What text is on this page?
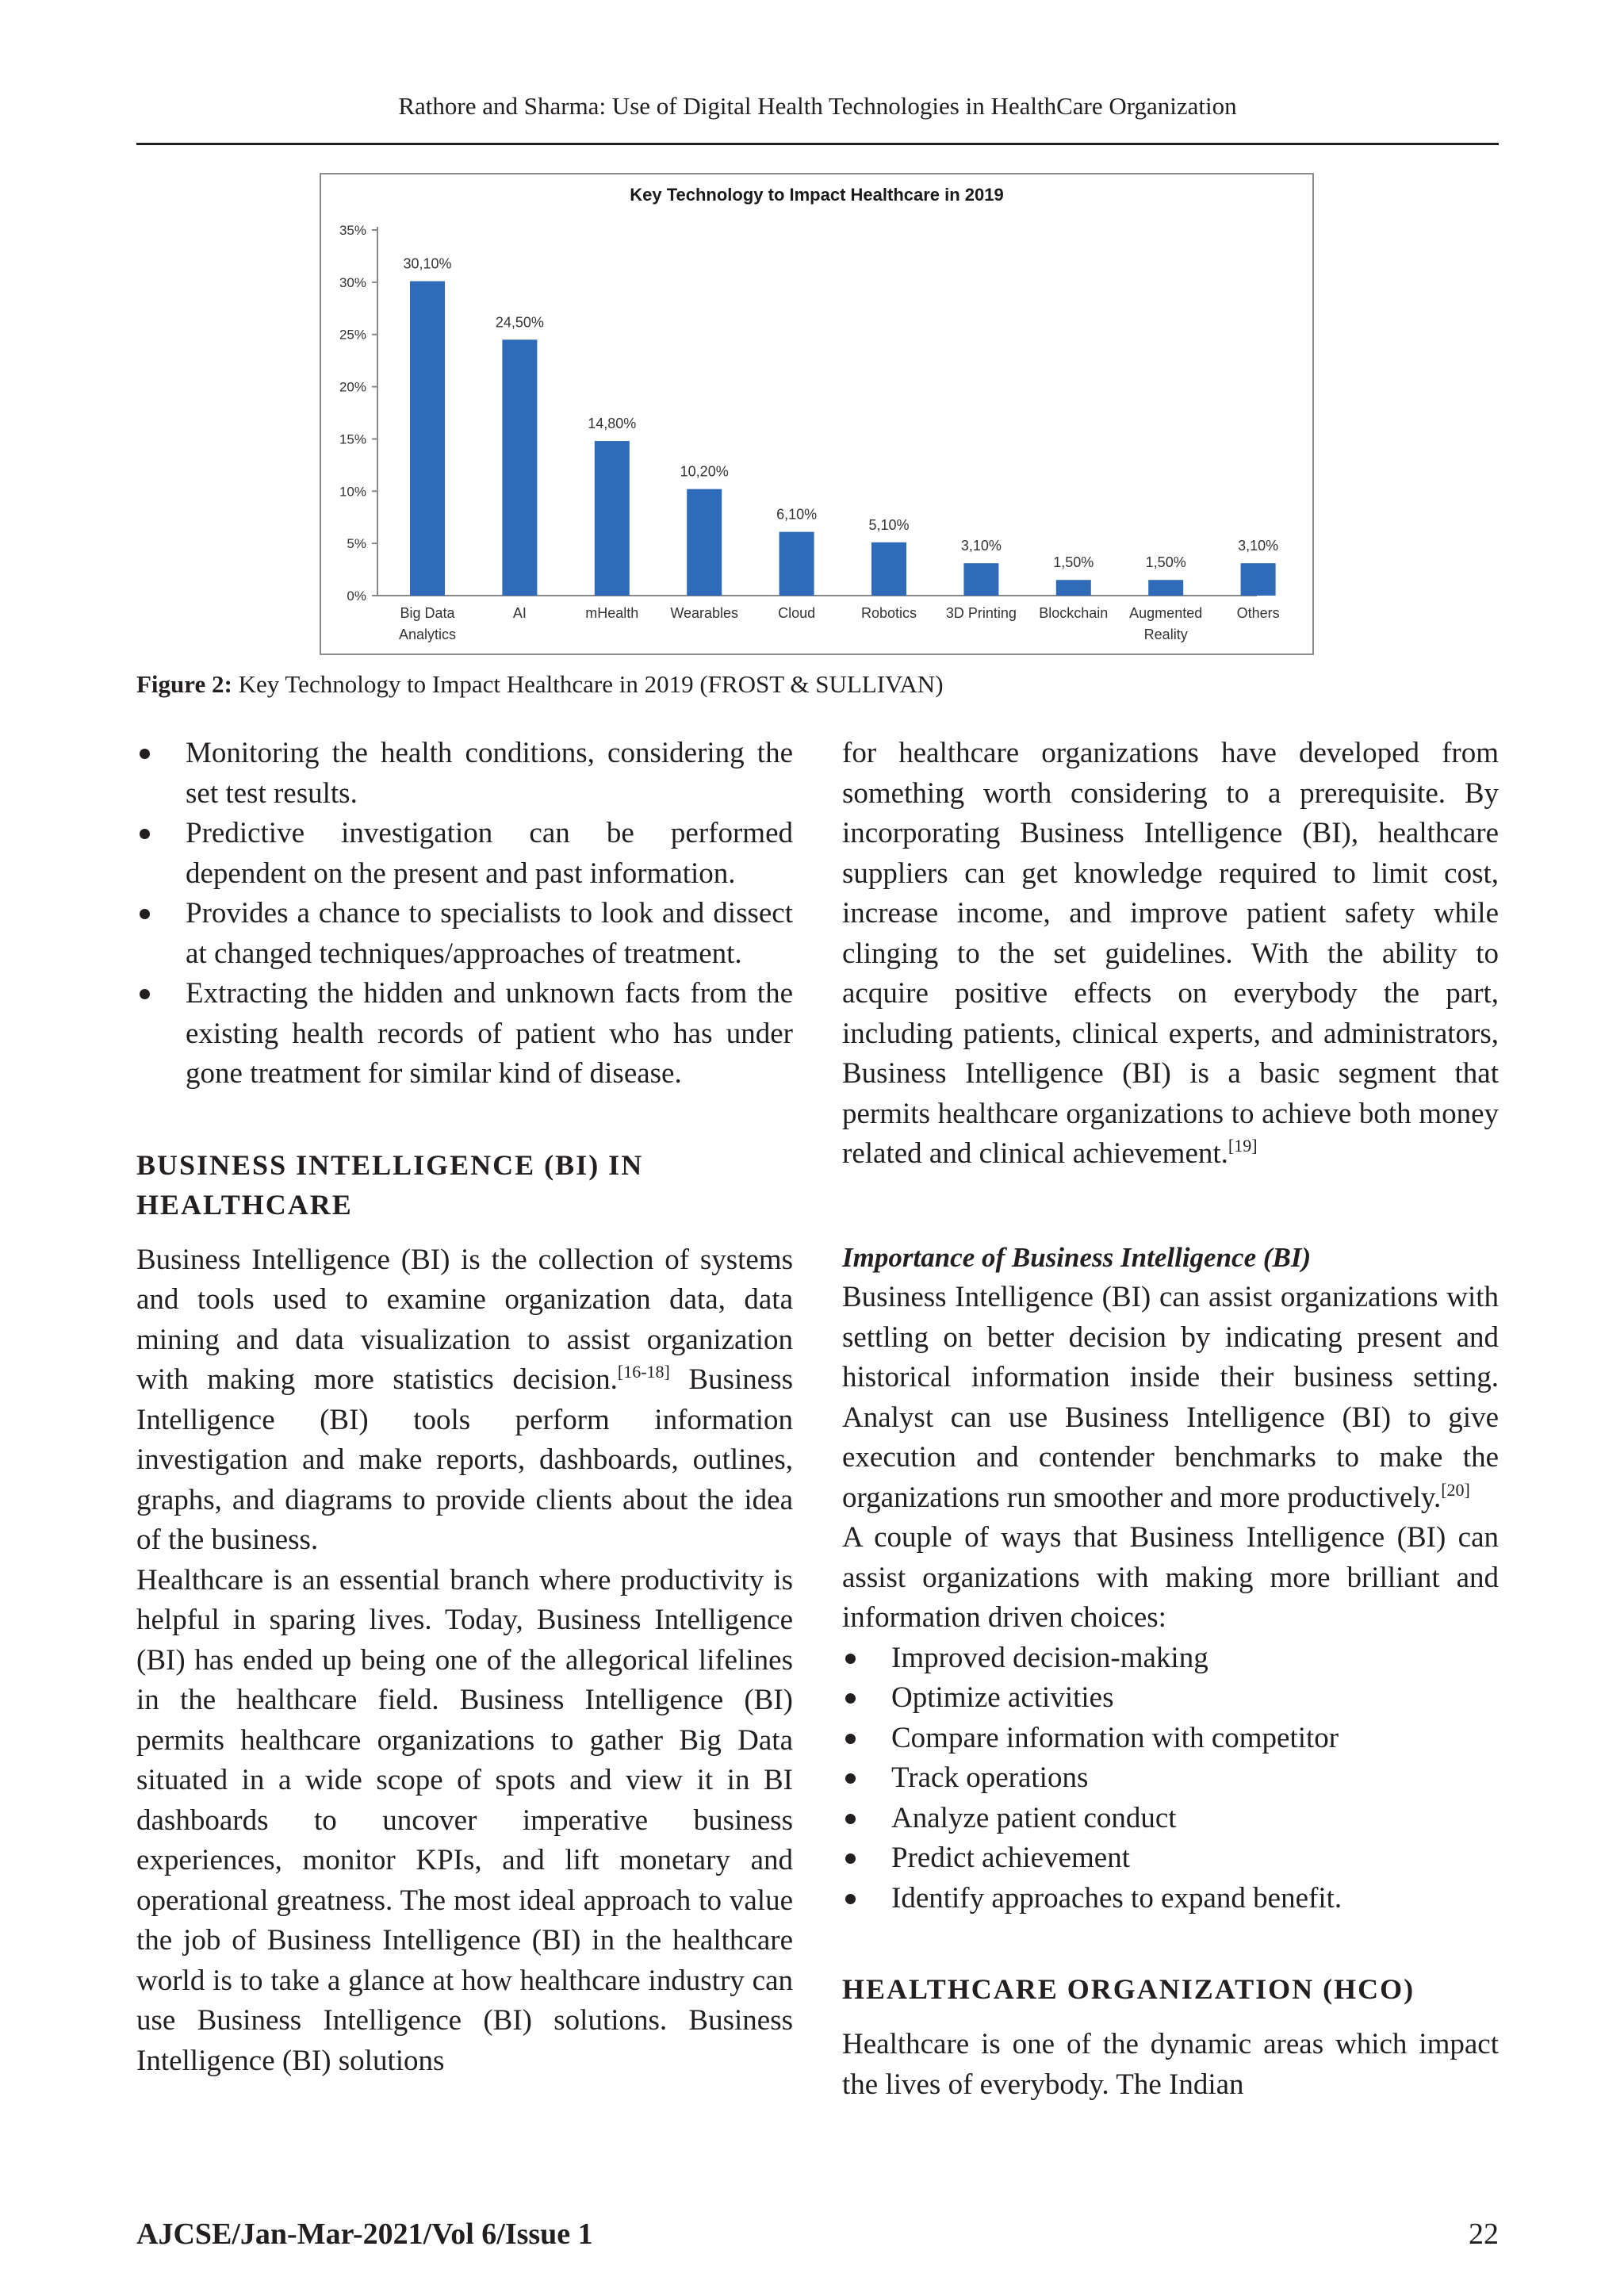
Rathore and Sharma: Use of Digital Health Technologies in HealthCare Organization
Key Technology to Impact Healthcare in 2019
0%
5%
10%
15%
20%
25%
30%
35%
30,10%
Big Data
Analytics
24,50%
AI
14,80%
mHealth
10,20%
Wearables
6,10%
Cloud
5,10%
Robotics
3,10%
3D Printing
1,50%
Blockchain
1,50%
Augmented
Reality
3,10%
Others
Figure 2: Key Technology to Impact Healthcare in 2019 (FROST & SULLIVAN)
Monitoring the health conditions, considering the set test results.
Predictive investigation can be performed dependent on the present and past information.
Provides a chance to specialists to look and dissect at changed techniques/approaches of treatment.
Extracting the hidden and unknown facts from the existing health records of patient who has under gone treatment for similar kind of disease.

BUSINESS INTELLIGENCE (BI) IN
HEALTHCARE

Business Intelligence (BI) is the collection of systems and tools used to examine organization data, data mining and data visualization to assist organization with making more statistics decision.[16-18] Business Intelligence (BI) tools perform information investigation and make reports, dashboards, outlines, graphs, and diagrams to provide clients about the idea of the business.

Healthcare is an essential branch where productivity is helpful in sparing lives. Today, Business Intelligence (BI) has ended up being one of the allegorical lifelines in the healthcare field. Business Intelligence (BI) permits healthcare organizations to gather Big Data situated in a wide scope of spots and view it in BI dashboards to uncover imperative business experiences, monitor KPIs, and lift monetary and operational greatness. The most ideal approach to value the job of Business Intelligence (BI) in the healthcare world is to take a glance at how healthcare industry can use Business Intelligence (BI) solutions. Business Intelligence (BI) solutions

for healthcare organizations have developed from something worth considering to a prerequisite. By incorporating Business Intelligence (BI), healthcare suppliers can get knowledge required to limit cost, increase income, and improve patient safety while clinging to the set guidelines. With the ability to acquire positive effects on everybody the part, including patients, clinical experts, and administrators, Business Intelligence (BI) is a basic segment that permits healthcare organizations to achieve both money related and clinical achievement.[19]

Importance of Business Intelligence (BI)

Business Intelligence (BI) can assist organizations with settling on better decision by indicating present and historical information inside their business setting. Analyst can use Business Intelligence (BI) to give execution and contender benchmarks to make the organizations run smoother and more productively.[20]

A couple of ways that Business Intelligence (BI) can assist organizations with making more brilliant and information driven choices:

Improved decision-making
Optimize activities
Compare information with competitor
Track operations
Analyze patient conduct
Predict achievement
Identify approaches to expand benefit.

HEALTHCARE ORGANIZATION (HCO)

Healthcare is one of the dynamic areas which impact the lives of everybody. The Indian

AJCSE/Jan-Mar-2021/Vol 6/Issue 1	22
